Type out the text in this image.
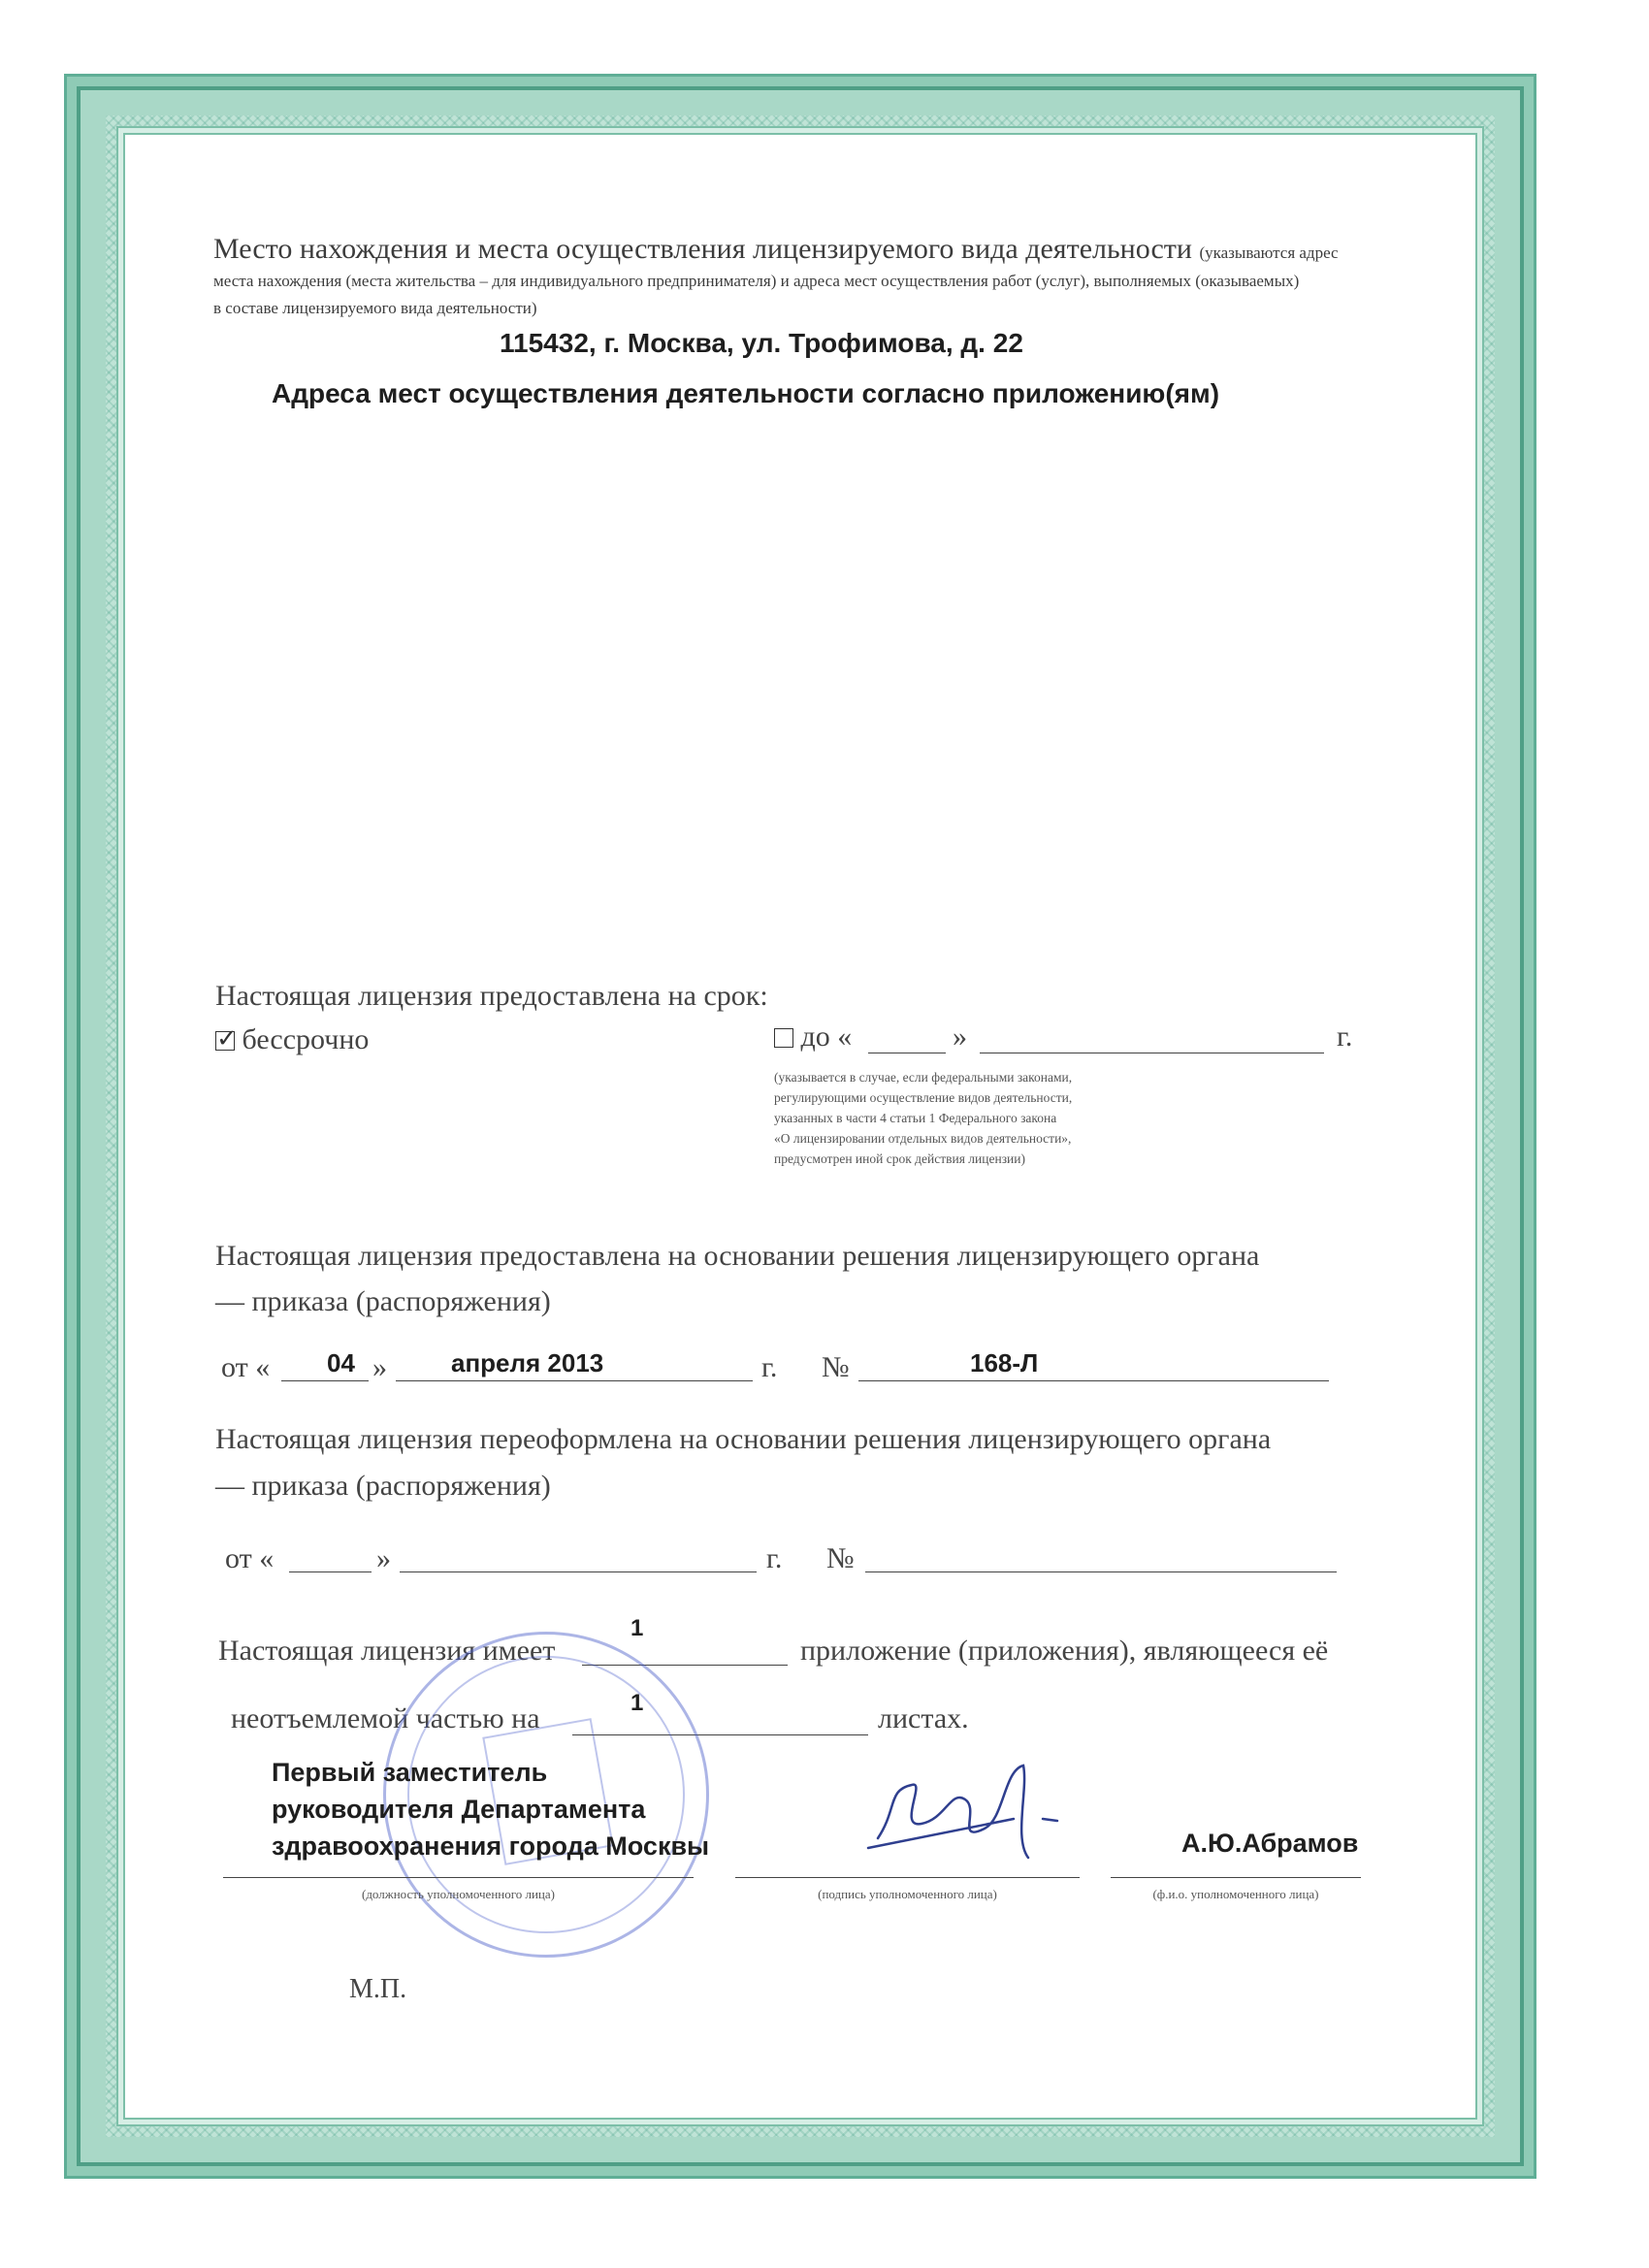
Место нахождения и места осуществления лицензируемого вида деятельности (указываются адрес
места нахождения (места жительства – для индивидуального предпринимателя) и адреса мест осуществления работ (услуг), выполняемых (оказываемых)
в составе лицензируемого вида деятельности)
115432, г. Москва, ул. Трофимова, д. 22
Адреса мест осуществления деятельности согласно приложению(ям)
Настоящая лицензия предоставлена на срок:
✓ бессрочно	до «	»	г.
(указывается в случае, если федеральными законами,
регулирующими осуществление видов деятельности,
указанных в части 4 статьи 1 Федерального закона
«О лицензировании отдельных видов деятельности»,
предусмотрен иной срок действия лицензии)
Настоящая лицензия предоставлена на основании решения лицензирующего органа
— приказа (распоряжения)
от « 04 »	апреля 2013	г. №	168-Л
Настоящая лицензия переоформлена на основании решения лицензирующего органа
— приказа (распоряжения)
от «	»	г. №
Настоящая лицензия имеет
1
приложение (приложения), являющееся её
неотъемлемой частью на	1	листах.
Первый заместитель
руководителя Департамента
здравоохранения города Москвы
(должность уполномоченного лица)	(подпись уполномоченного лица)
А.Ю.Абрамов
(ф.и.о. уполномоченного лица)
М.П.
